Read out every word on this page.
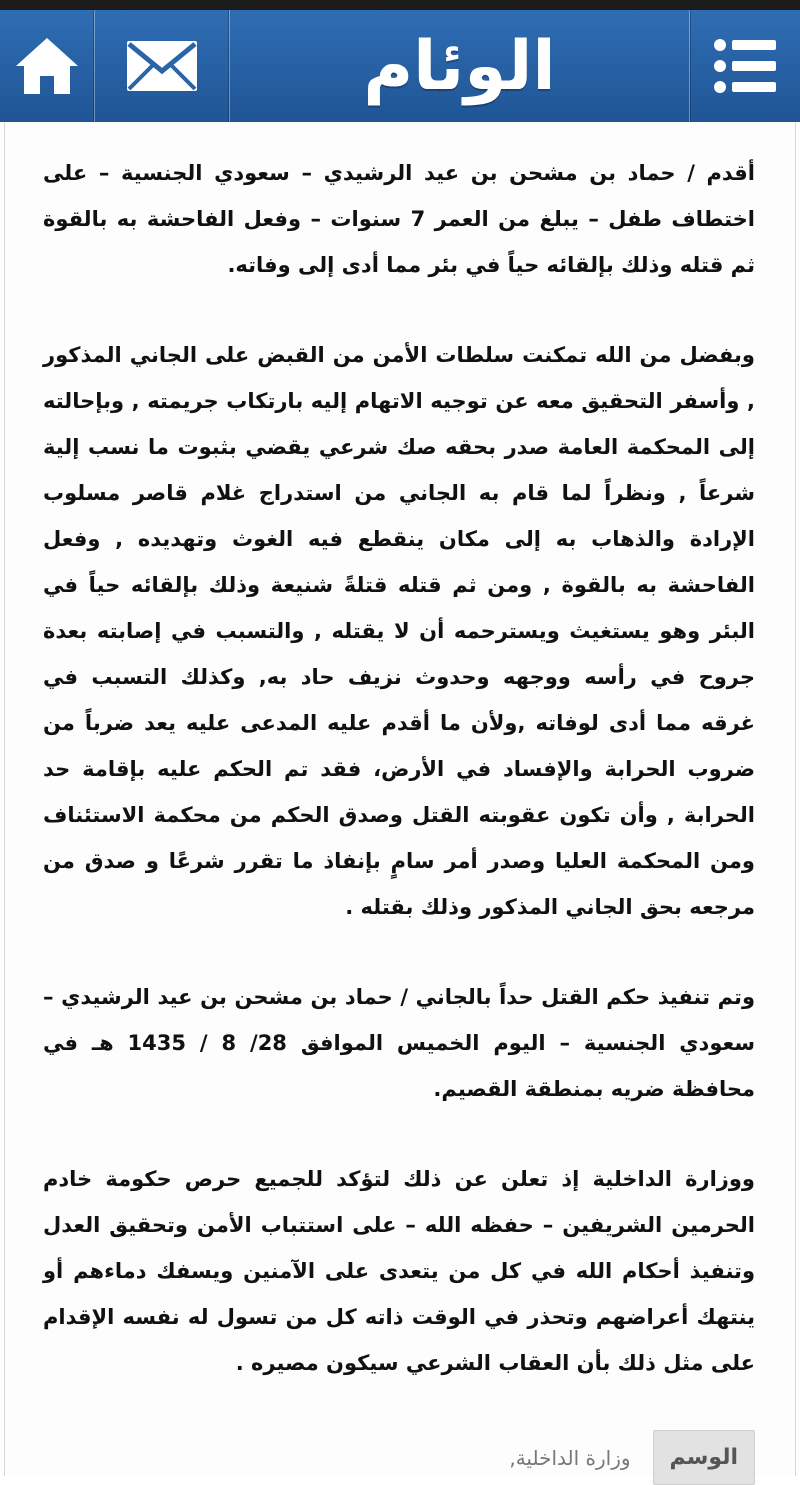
الوئام

أقدم / حماد بن مشحن بن عيد الرشيدي – سعودي الجنسية – على اختطاف طفل – يبلغ من العمر 7 سنوات – وفعل الفاحشة به بالقوة ثم قتله وذلك بإلقائه حياً في بئر مما أدى إلى وفاته.

وبفضل من الله تمكنت سلطات الأمن من القبض على الجاني المذكور , وأسفر التحقيق معه عن توجيه الاتهام إليه بارتكاب جريمته , وبإحالته إلى المحكمة العامة صدر بحقه صك شرعي يقضي بثبوت ما نسب إلية شرعاً , ونظراً لما قام به الجاني من استدراج غلام قاصر مسلوب الإرادة والذهاب به إلى مكان ينقطع فيه الغوث وتهديده , وفعل الفاحشة به بالقوة , ومن ثم قتله قتلةً شنيعة وذلك بإلقائه حياً في البئر وهو يستغيث ويسترحمه أن لا يقتله , والتسبب في إصابته بعدة جروح في رأسه ووجهه وحدوث نزيف حاد به, وكذلك التسبب في غرقه مما أدى لوفاته ,ولأن ما أقدم عليه المدعى عليه يعد ضرباً من ضروب الحرابة والإفساد في الأرض، فقد تم الحكم عليه بإقامة حد الحرابة , وأن تكون عقوبته القتل وصدق الحكم من محكمة الاستئناف ومن المحكمة العليا وصدر أمر سامٍ بإنفاذ ما تقرر شرعًا و صدق من مرجعه بحق الجاني المذكور وذلك بقتله .

وتم تنفيذ حكم القتل حداً بالجاني / حماد بن مشحن بن عيد الرشيدي – سعودي الجنسية – اليوم الخميس الموافق 28/ 8 / 1435 هـ في محافظة ضريه بمنطقة القصيم.

ووزارة الداخلية إذ تعلن عن ذلك لتؤكد للجميع حرص حكومة خادم الحرمين الشريفين – حفظه الله – على استتباب الأمن وتحقيق العدل وتنفيذ أحكام الله في كل من يتعدى على الآمنين ويسفك دماءهم أو ينتهك أعراضهم وتحذر في الوقت ذاته كل من تسول له نفسه الإقدام على مثل ذلك بأن العقاب الشرعي سيكون مصيره .

الوسم
وزارة الداخلية,
